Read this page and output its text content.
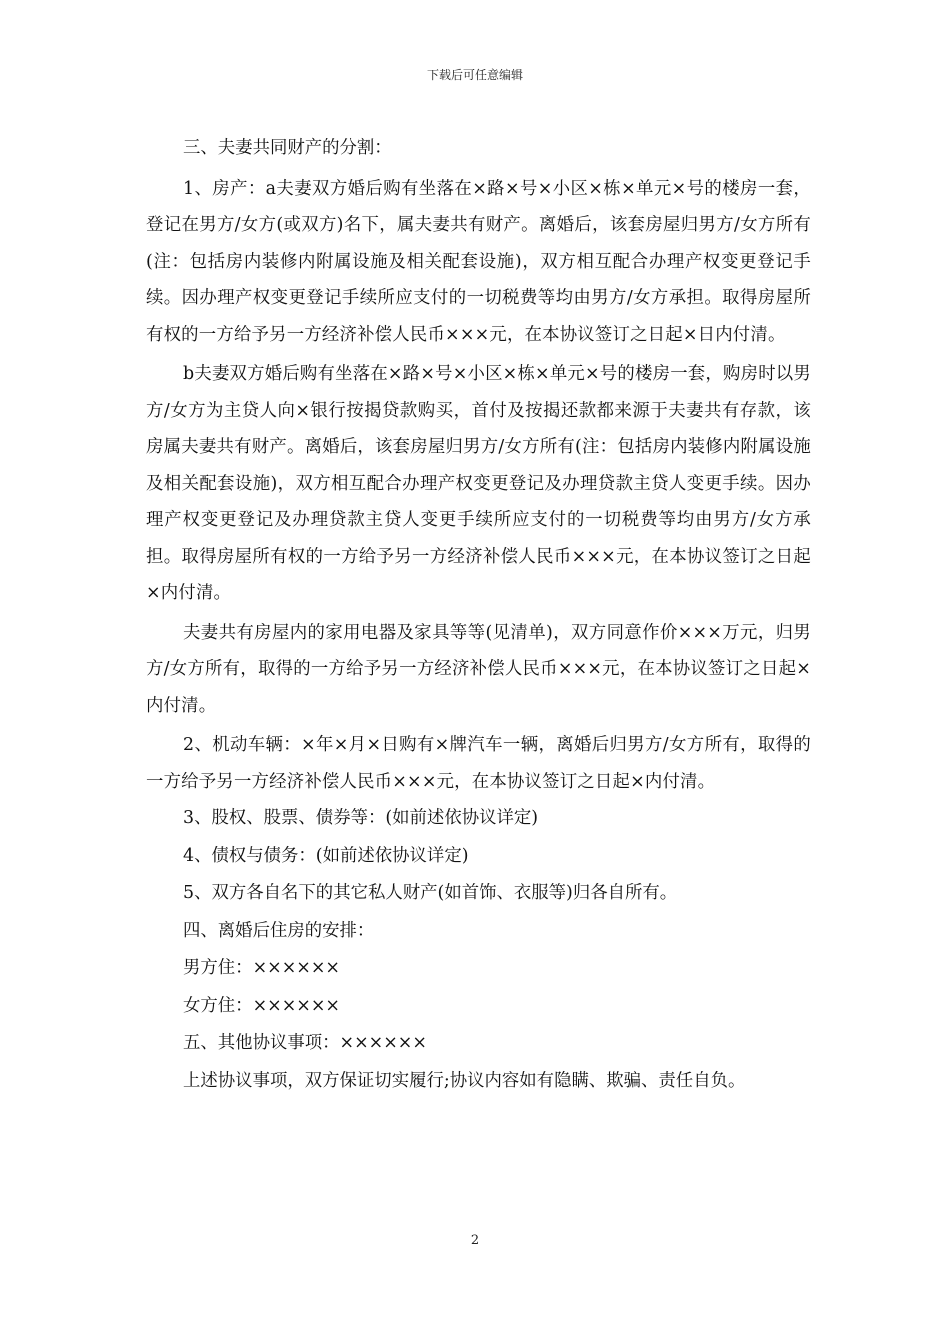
下载后可任意编辑

三、夫妻共同财产的分割：

1、房产：a夫妻双方婚后购有坐落在×路×号×小区×栋×单元×号的楼房一套，登记在男方/女方(或双方)名下，属夫妻共有财产。离婚后，该套房屋归男方/女方所有(注：包括房内装修内附属设施及相关配套设施)，双方相互配合办理产权变更登记手续。因办理产权变更登记手续所应支付的一切税费等均由男方/女方承担。取得房屋所有权的一方给予另一方经济补偿人民币×××元，在本协议签订之日起×日内付清。

b夫妻双方婚后购有坐落在×路×号×小区×栋×单元×号的楼房一套，购房时以男方/女方为主贷人向×银行按揭贷款购买，首付及按揭还款都来源于夫妻共有存款，该房属夫妻共有财产。离婚后，该套房屋归男方/女方所有(注：包括房内装修内附属设施及相关配套设施)，双方相互配合办理产权变更登记及办理贷款主贷人变更手续。因办理产权变更登记及办理贷款主贷人变更手续所应支付的一切税费等均由男方/女方承担。取得房屋所有权的一方给予另一方经济补偿人民币×××元，在本协议签订之日起×内付清。

夫妻共有房屋内的家用电器及家具等等(见清单)，双方同意作价×××万元，归男方/女方所有，取得的一方给予另一方经济补偿人民币×××元，在本协议签订之日起×内付清。

2、机动车辆：×年×月×日购有×牌汽车一辆，离婚后归男方/女方所有，取得的一方给予另一方经济补偿人民币×××元，在本协议签订之日起×内付清。

3、股权、股票、债券等：(如前述依协议详定)

4、债权与债务：(如前述依协议详定)

5、双方各自名下的其它私人财产(如首饰、衣服等)归各自所有。

四、离婚后住房的安排：

男方住：××××××

女方住：××××××

五、其他协议事项：××××××

上述协议事项，双方保证切实履行;协议内容如有隐瞒、欺骗、责任自负。

2
